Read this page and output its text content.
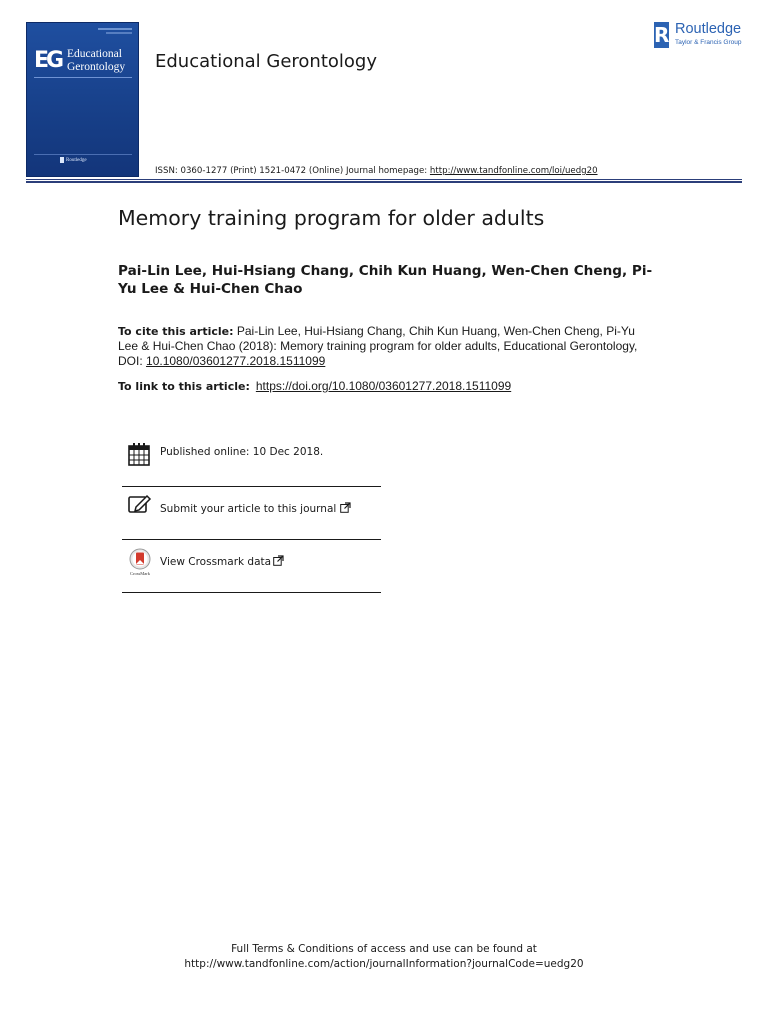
EG Educational
Gerontology
Routledge
Educational Gerontology
R Routledge
Taylor & Francis Group
ISSN: 0360-1277 (Print) 1521-0472 (Online) Journal homepage: http://www.tandfonline.com/loi/uedg20
Memory training program for older adults
Pai-Lin Lee, Hui-Hsiang Chang, Chih Kun Huang, Wen-Chen Cheng, Pi-Yu Lee & Hui-Chen Chao
To cite this article: Pai-Lin Lee, Hui-Hsiang Chang, Chih Kun Huang, Wen-Chen Cheng, Pi-Yu Lee & Hui-Chen Chao (2018): Memory training program for older adults, Educational Gerontology, DOI: 10.1080/03601277.2018.1511099
To link to this article: https://doi.org/10.1080/03601277.2018.1511099
Published online: 10 Dec 2018.
Submit your article to this journal
CrossMark
View Crossmark data
Full Terms & Conditions of access and use can be found at
http://www.tandfonline.com/action/journalInformation?journalCode=uedg20
